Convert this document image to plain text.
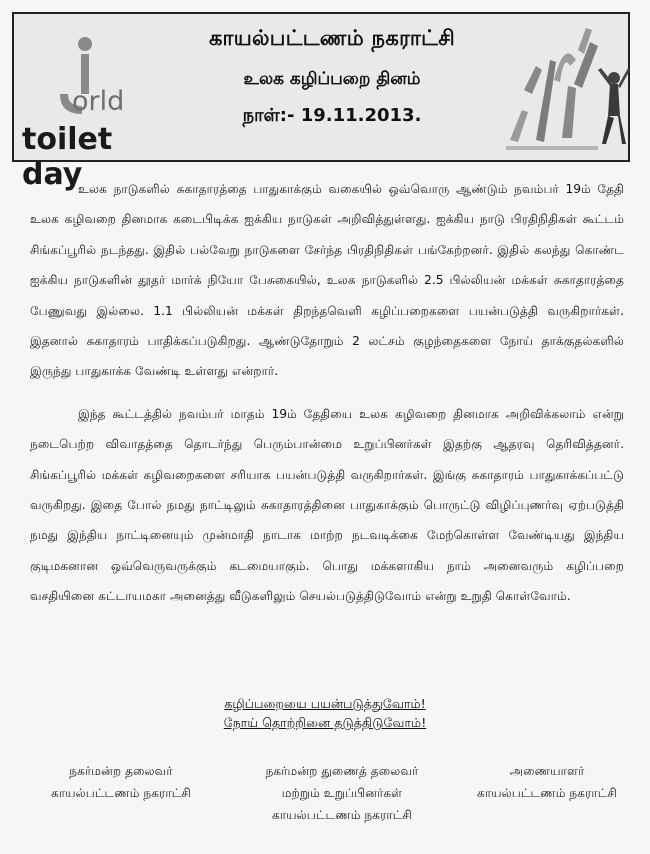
orld
toilet day
காயல்பட்டணம் நகராட்சி
உலக கழிப்பறை தினம்
நாள்:- 19.11.2013.

உலக நாடுகளில் சுகாதாரத்தை பாதுகாக்கும் வகையில் ஒவ்வொரு ஆண்டும் நவம்பர் 19ம் தேதி உலக கழிவறை தினமாக கடைபிடிக்க ஐக்கிய நாடுகள் அறிவித்துள்ளது. ஐக்கிய நாடு பிரதிநிதிகள் கூட்டம் சிங்கப்பூரில் நடந்தது. இதில் பல்வேறு நாடுகளை சேர்ந்த பிரதிநிதிகள் பங்கேற்றனர். இதில் கலந்து கொண்ட ஐக்கிய நாடுகளின் தூதர் மார்க் நியோ பேசுகையில், உலக நாடுகளில் 2.5 பில்லியன் மக்கள் சுகாதாரத்தை பேணுவது இல்லை. 1.1 பில்லியன் மக்கள் திறந்தவெளி கழிப்பறைகளை பயன்படுத்தி வருகிறார்கள். இதனால் சுகாதாரம் பாதிக்கப்படுகிறது. ஆண்டுதோறும் 2 லட்சம் குழந்தைகளை நோய் தாக்குதல்களில் இருந்து பாதுகாக்க வேண்டி உள்ளது என்றார்.

இந்த கூட்டத்தில் நவம்பர் மாதம் 19ம் தேதியை உலக கழிவறை தினமாக அறிவிக்கலாம் என்று நடைபெற்ற விவாதத்தை தொடர்ந்து பெரும்பான்மை உறுப்பினர்கள் இதற்கு ஆதரவு தெரிவித்தனர். சிங்கப்பூரில் மக்கள் கழிவறைகளை சரியாக பயன்படுத்தி வருகிறார்கள். இங்கு சுகாதாரம் பாதுகாக்கப்பட்டு வருகிறது. இதை போல் நமது நாட்டிலும் சுகாதாரத்தினை பாதுகாக்கும் பொருட்டு விழிப்புணர்வு ஏற்படுத்தி நமது இந்திய நாட்டினையும் முன்மாதி நாடாக மாற்ற நடவடிக்கை மேற்கொள்ள வேண்டியது இந்திய குடிமகனான ஒவ்வெருவருக்கும் கடமையாகும். பொது மக்களாகிய நாம் அனைவரும் கழிப்பறை வசதியினை கட்டாயமகா அனைத்து வீடுகளிலும் செயல்படுத்திடுவோம் என்று உறுதி கொள்வோம்.

கழிப்பறையை பயன்படுத்துவோம்!
நோய் தொற்றினை தடுத்திடுவோம்!
நகர்மன்ற தலைவர்
காயல்பட்டணம் நகராட்சி
நகர்மன்ற துணைத் தலைவர்
மற்றும் உறுப்பினர்கள்
காயல்பட்டணம் நகராட்சி
அணையாளர்
காயல்பட்டணம் நகராட்சி
